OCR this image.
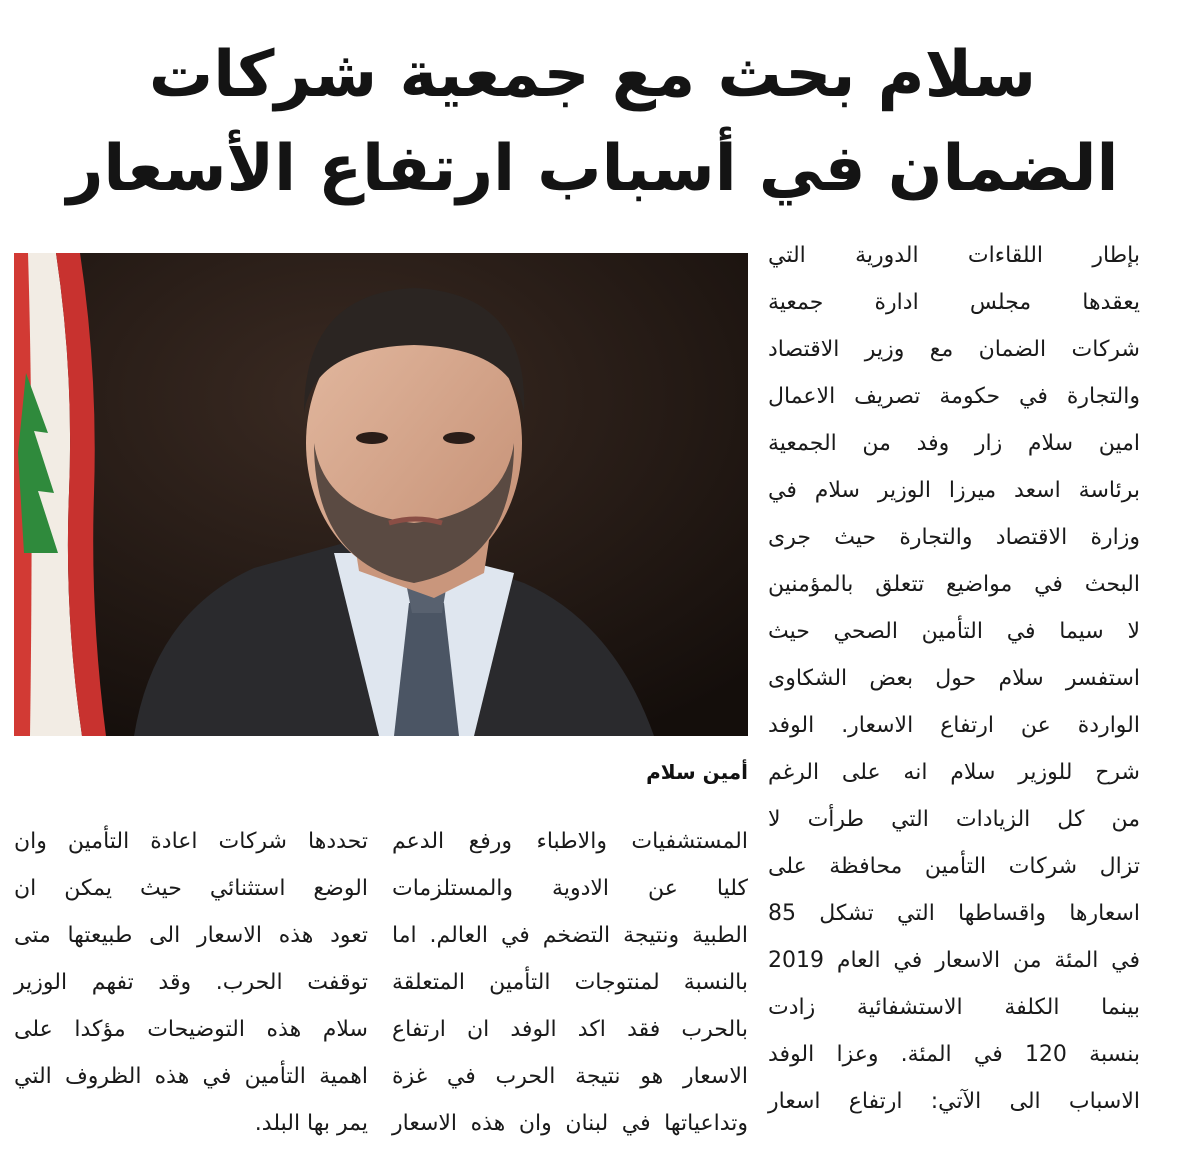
سلام بحث مع جمعية شركات
الضمان في أسباب ارتفاع الأسعار
أمين سلام
بإطار اللقاءات الدورية التي
يعقدها مجلس ادارة جمعية
شركات الضمان مع وزير الاقتصاد
والتجارة في حكومة تصريف الاعمال
امين سلام زار وفد من الجمعية
برئاسة اسعد ميرزا الوزير سلام في
وزارة الاقتصاد والتجارة حيث جرى
البحث في مواضيع تتعلق بالمؤمنين
لا سيما في التأمين الصحي حيث
استفسر سلام حول بعض الشكاوى
الواردة عن ارتفاع الاسعار. الوفد
شرح للوزير سلام انه على الرغم
من كل الزيادات التي طرأت لا
تزال شركات التأمين محافظة على
اسعارها واقساطها التي تشكل 85
في المئة من الاسعار في العام 2019
بينما الكلفة الاستشفائية زادت
بنسبة 120 في المئة. وعزا الوفد
الاسباب الى الآتي: ارتفاع اسعار
المستشفيات والاطباء ورفع الدعم
كليا عن الادوية والمستلزمات
الطبية ونتيجة التضخم في العالم. اما
بالنسبة لمنتوجات التأمين المتعلقة
بالحرب فقد اكد الوفد ان ارتفاع
الاسعار هو نتيجة الحرب في غزة
وتداعياتها في لبنان وان هذه الاسعار
تحددها شركات اعادة التأمين وان
الوضع استثنائي حيث يمكن ان
تعود هذه الاسعار الى طبيعتها متى
توقفت الحرب. وقد تفهم الوزير
سلام هذه التوضيحات مؤكدا على
اهمية التأمين في هذه الظروف التي
يمر بها البلد.
